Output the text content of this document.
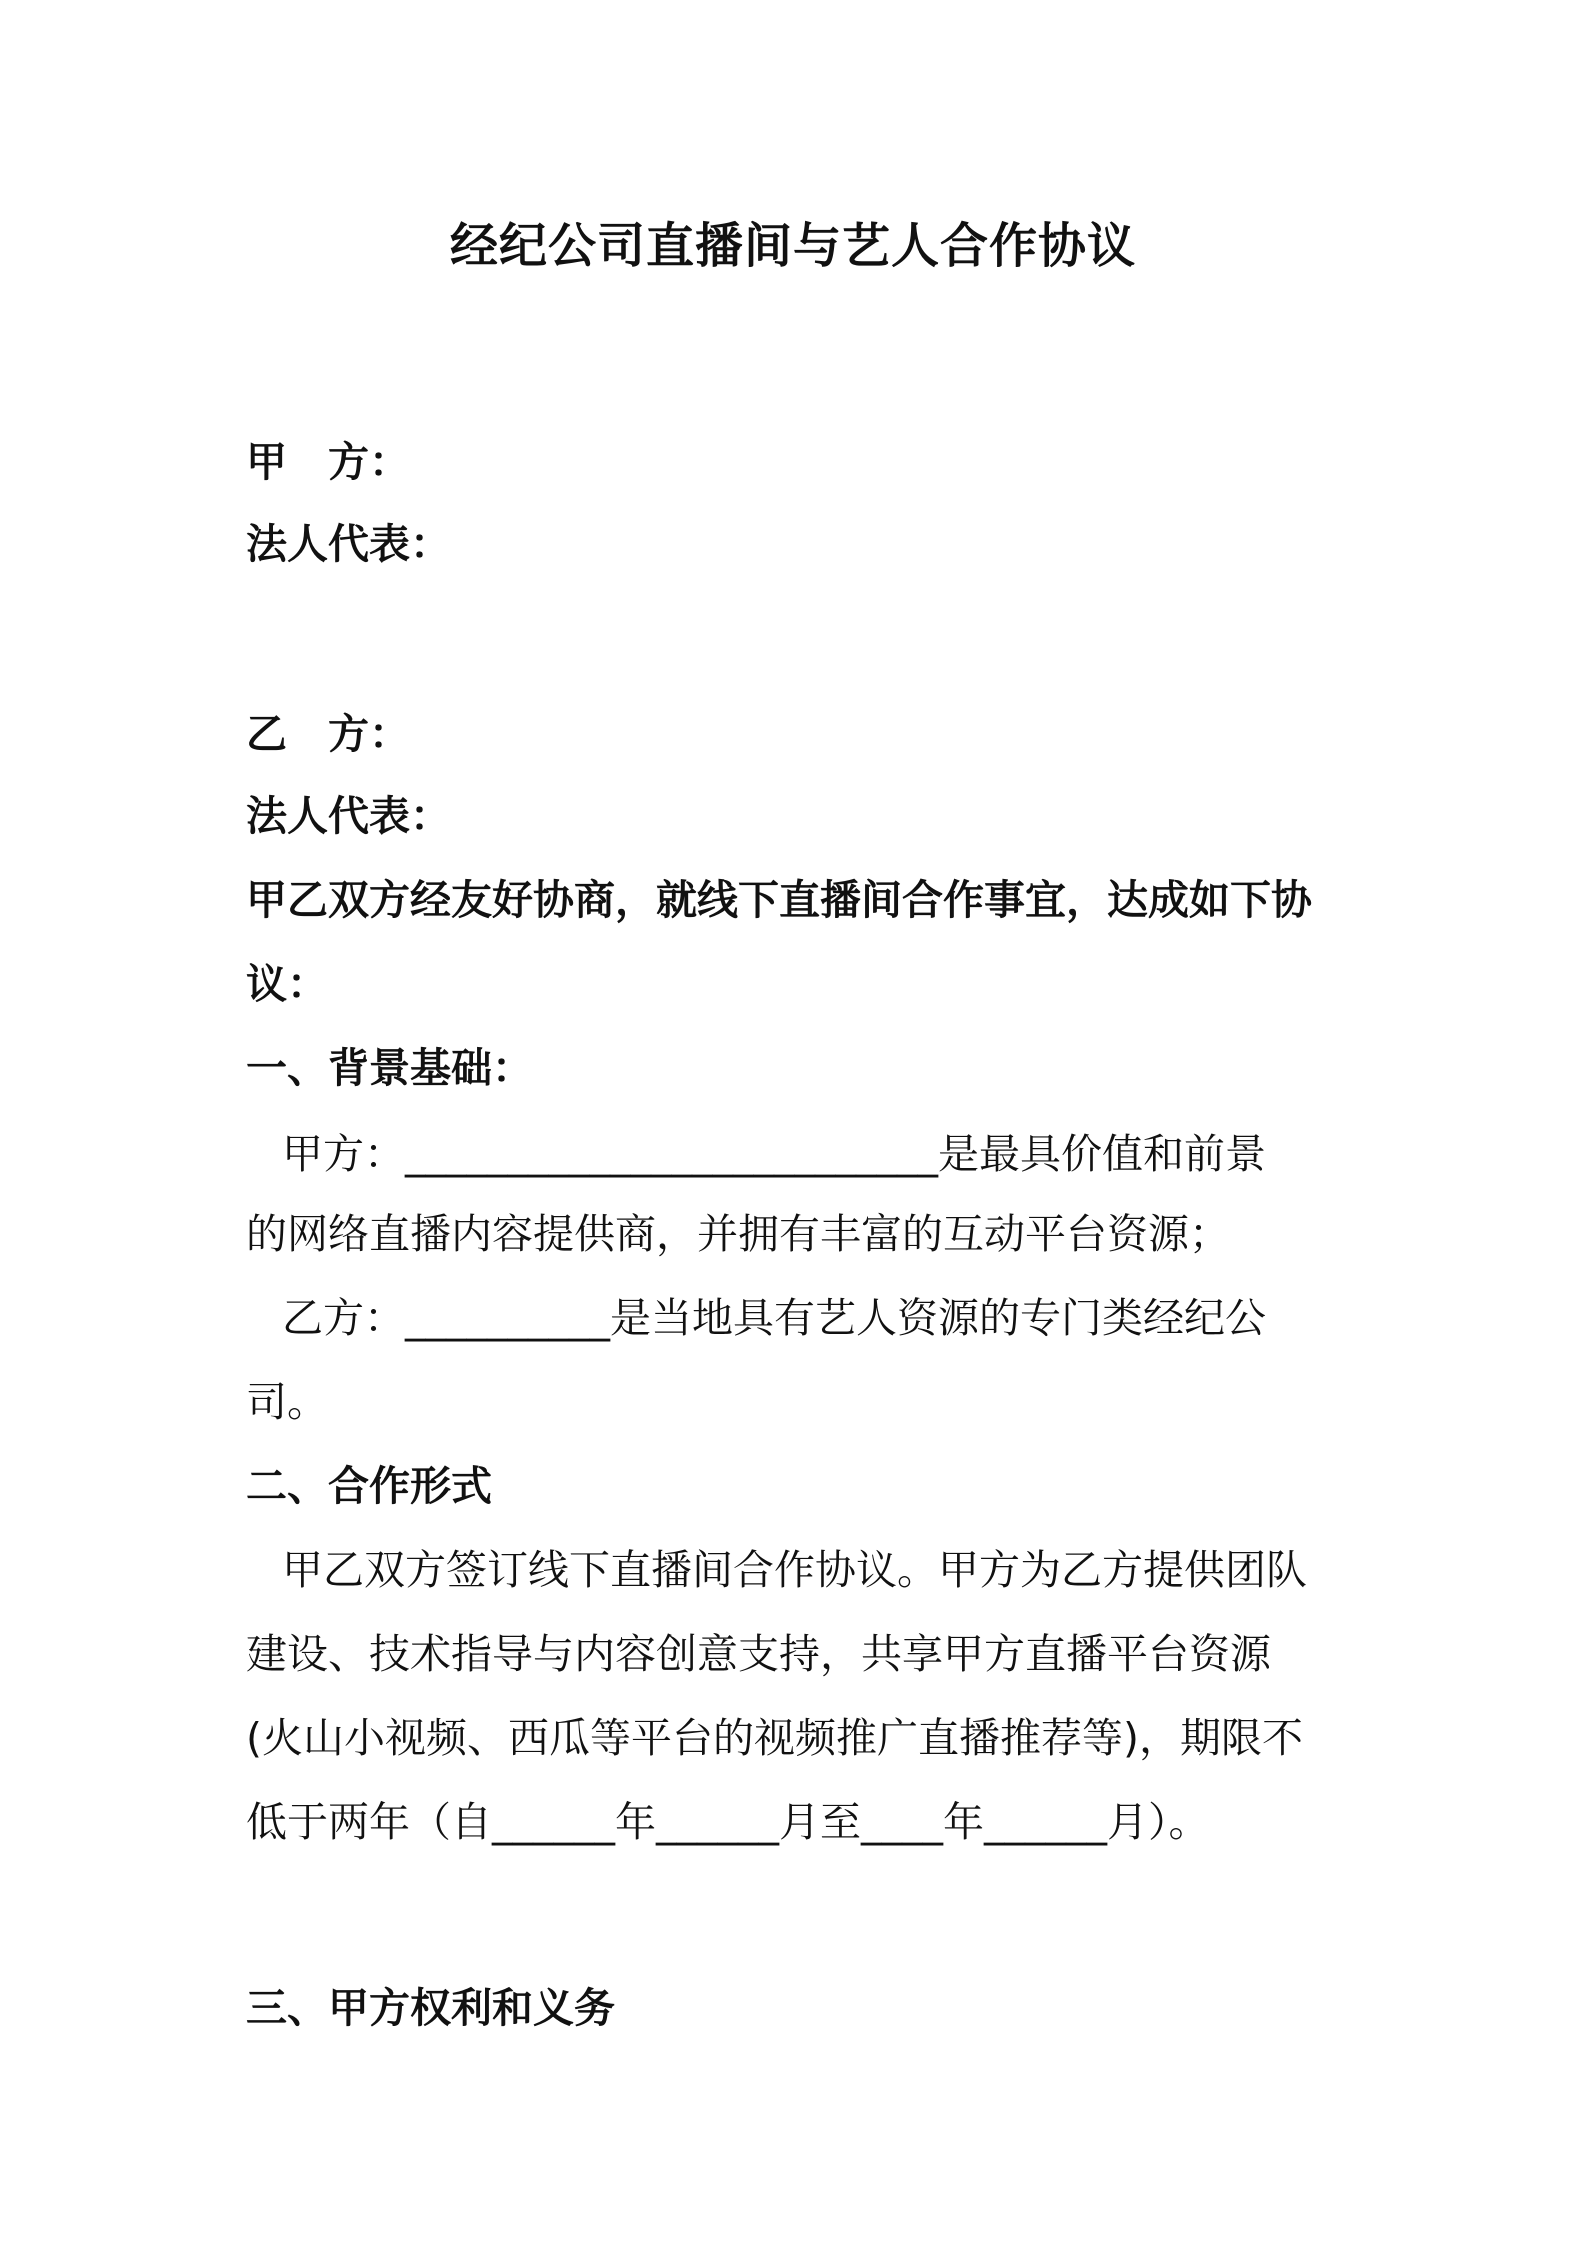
经纪公司直播间与艺人合作协议
甲　方：
法人代表：
乙　方：
法人代表：
甲乙双方经友好协商，就线下直播间合作事宜，达成如下协
议：
一、背景基础：
甲方：__________________________是最具价值和前景
的网络直播内容提供商，并拥有丰富的互动平台资源；
乙方：__________是当地具有艺人资源的专门类经纪公
司。
二、合作形式
甲乙双方签订线下直播间合作协议。甲方为乙方提供团队
建设、技术指导与内容创意支持，共享甲方直播平台资源
(火山小视频、西瓜等平台的视频推广直播推荐等)，期限不
低于两年（自______年______月至____年______月）。
三、甲方权利和义务
